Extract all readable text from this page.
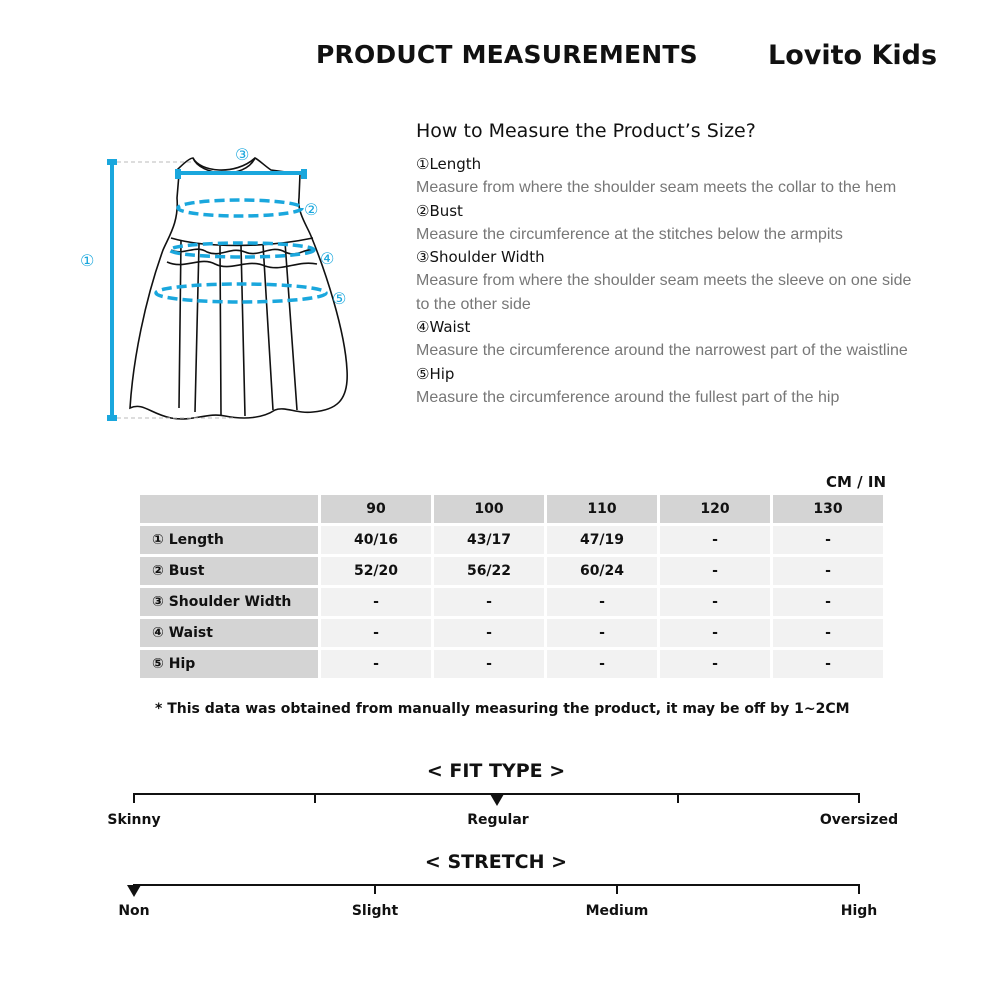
PRODUCT MEASUREMENTS	Lovito Kids
①
②
③
④
⑤
How to Measure the Product’s Size?
①Length
Measure from where the shoulder seam meets the collar to the hem
②Bust
Measure the circumference at the stitches below the armpits
③Shoulder Width
Measure from where the shoulder seam meets the sleeve on one side to the other side
④Waist
Measure the circumference around the narrowest part of the waistline
⑤Hip
Measure the circumference around the fullest part of the hip
CM / IN
	90	100	110	120	130
① Length	40/16	43/17	47/19	-	-
② Bust	52/20	56/22	60/24	-	-
③ Shoulder Width	-	-	-	-	-
④ Waist	-	-	-	-	-
⑤ Hip	-	-	-	-	-
* This data was obtained from manually measuring the product, it may be off by 1~2CM
< FIT TYPE >
Skinny	Regular	Oversized
< STRETCH >
Non	Slight	Medium	High
